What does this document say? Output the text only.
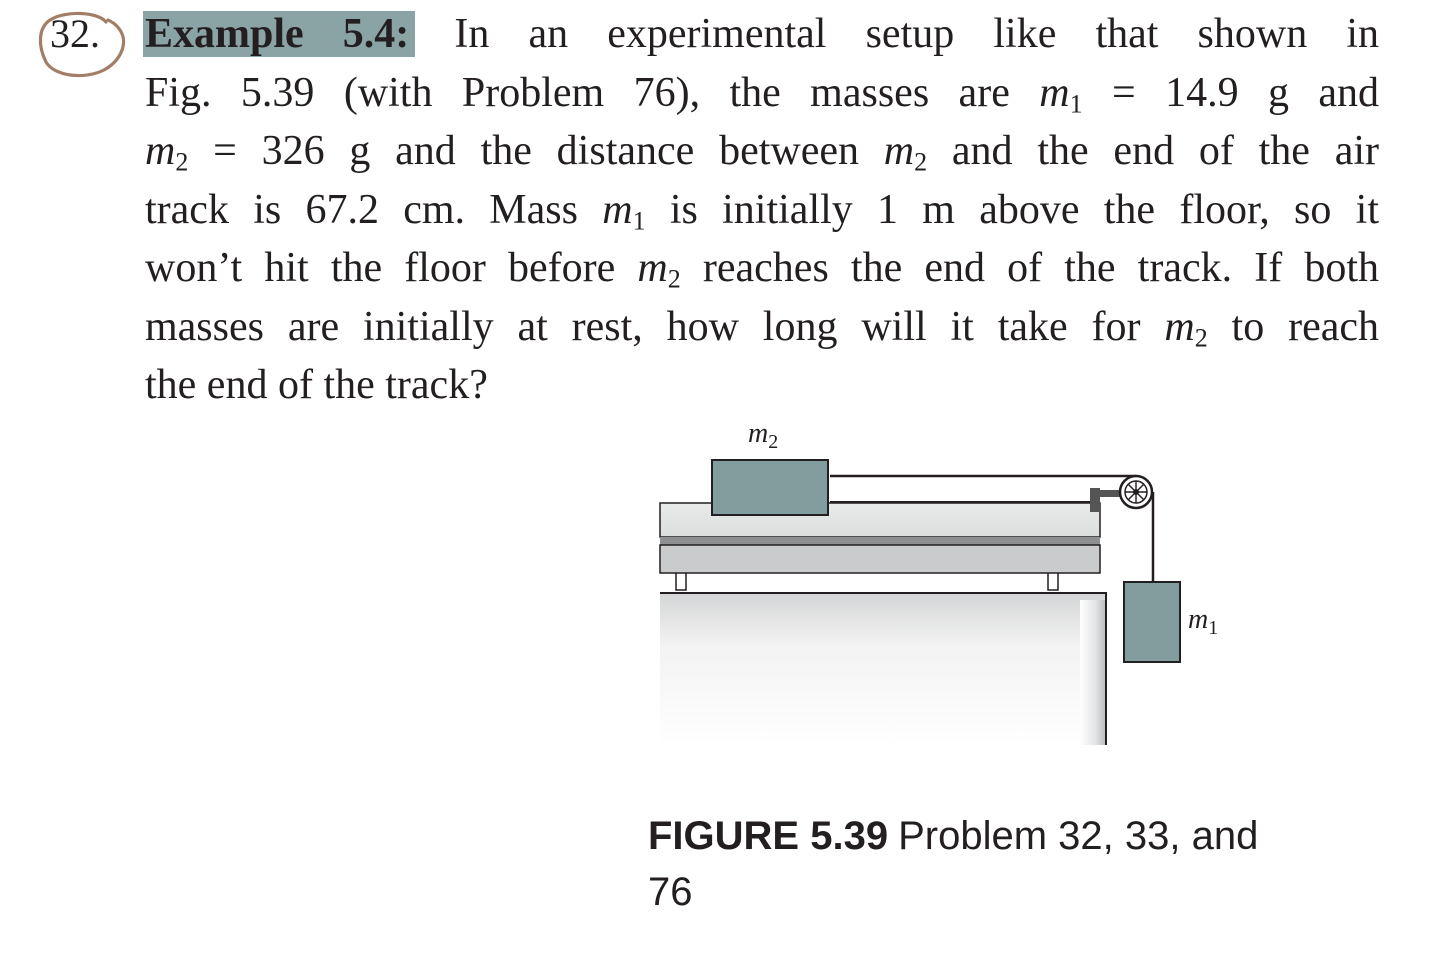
32. Example 5.4: In an experimental setup like that shown in
Fig. 5.39 (with Problem 76), the masses are $m_1 = 14.9$ g and
$m_2 = 326$ g and the distance between $m_2$ and the end of the air
track is 67.2 cm. Mass $m_1$ is initially 1 m above the floor, so it
won’t hit the floor before $m_2$ reaches the end of the track. If both
masses are initially at rest, how long will it take for $m_2$ to reach
the end of the track?
$m_2$
$m_1$
FIGURE 5.39 Problem 32, 33, and 76
